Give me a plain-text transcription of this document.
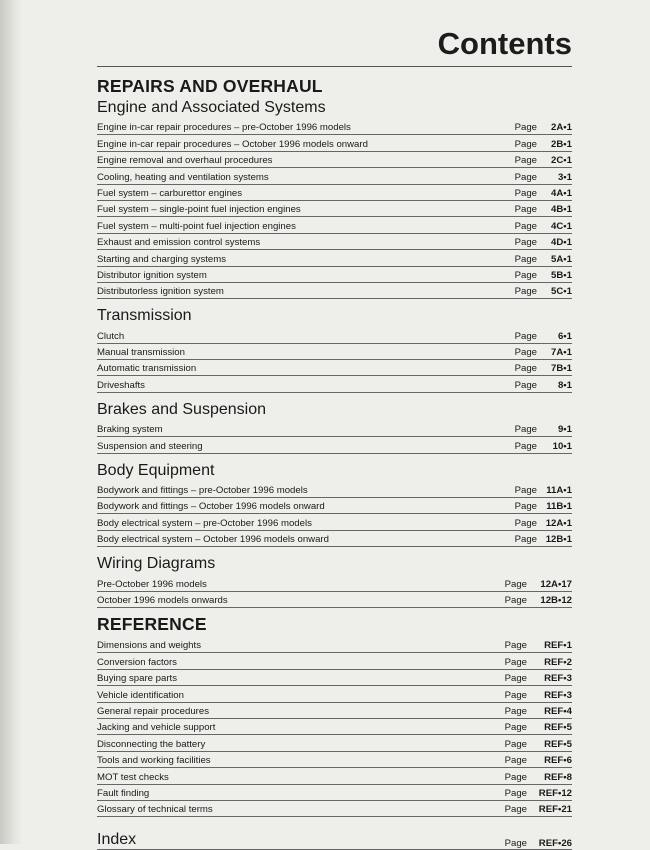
Contents
REPAIRS AND OVERHAUL
Engine and Associated Systems
Engine in-car repair procedures – pre-October 1996 models	Page	2A•1
Engine in-car repair procedures – October 1996 models onward	Page	2B•1
Engine removal and overhaul procedures	Page	2C•1
Cooling, heating and ventilation systems	Page	3•1
Fuel system – carburettor engines	Page	4A•1
Fuel system – single-point fuel injection engines	Page	4B•1
Fuel system – multi-point fuel injection engines	Page	4C•1
Exhaust and emission control systems	Page	4D•1
Starting and charging systems	Page	5A•1
Distributor ignition system	Page	5B•1
Distributorless ignition system	Page	5C•1
Transmission
Clutch	Page	6•1
Manual transmission	Page	7A•1
Automatic transmission	Page	7B•1
Driveshafts	Page	8•1
Brakes and Suspension
Braking system	Page	9•1
Suspension and steering	Page	10•1
Body Equipment
Bodywork and fittings – pre-October 1996 models	Page 11A•1
Bodywork and fittings – October 1996 models onward	Page 11B•1
Body electrical system – pre-October 1996 models	Page 12A•1
Body electrical system – October 1996 models onward	Page 12B•1
Wiring Diagrams
Pre-October 1996 models	Page	12A•17
October 1996 models onwards	Page	12B•12
REFERENCE
Dimensions and weights	Page	REF•1
Conversion factors	Page	REF•2
Buying spare parts	Page	REF•3
Vehicle identification	Page	REF•3
General repair procedures	Page	REF•4
Jacking and vehicle support	Page	REF•5
Disconnecting the battery	Page	REF•5
Tools and working facilities	Page	REF•6
MOT test checks	Page	REF•8
Fault finding	Page	REF•12
Glossary of technical terms	Page	REF•21
Index	Page	REF•26
